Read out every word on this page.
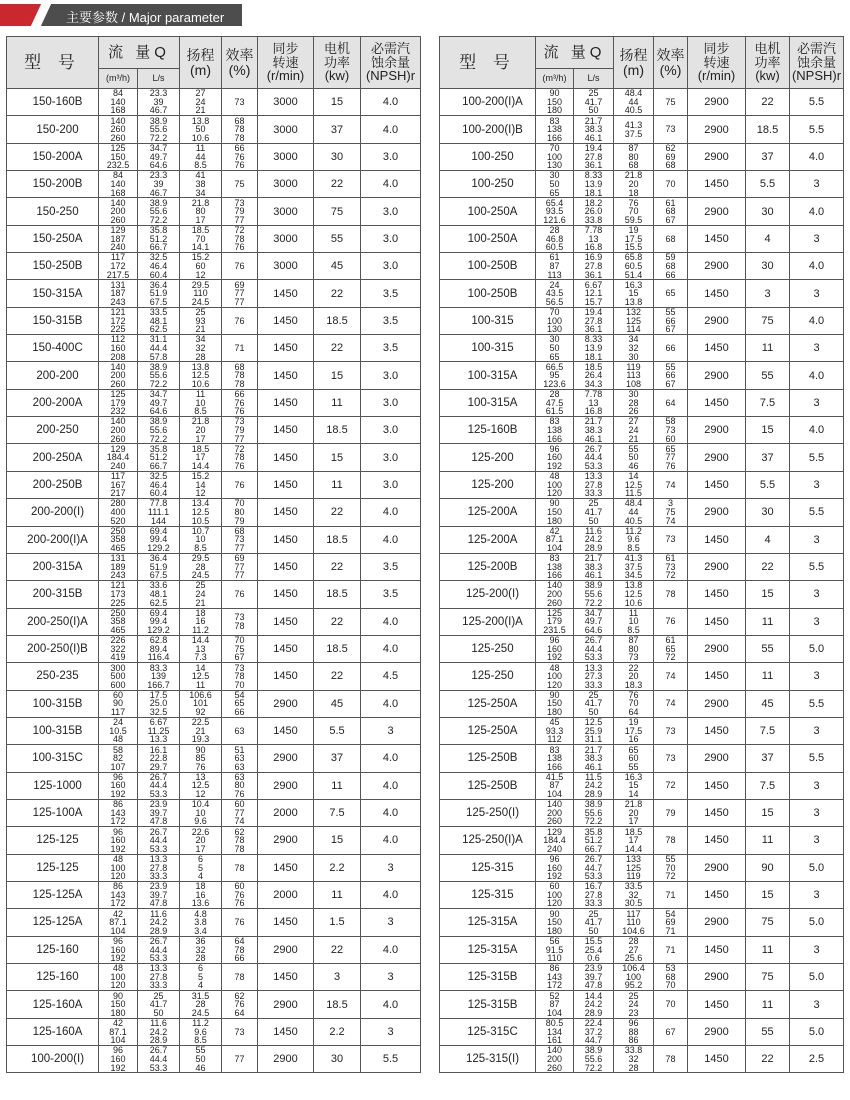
主要参数 / Major parameter
型 号	流 量Q		扬程
(m)	效率
(%)	同步
转速
(r/min)	电机
功率
(kw)	必需汽
蚀余量
(NPSH)r
	(m³/h)	L/s					
150-160B	84
140
168	23.3
39
46.7	27
24
21	73	3000	15	4.0
150-200	140
260
260	38.9
55.6
72.2	13.8
50
10.6	68
78
78	3000	37	4.0
150-200A	125
150
232.5	34.7
49.7
64.6	11
44
8.5	66
76
76	3000	30	3.0
150-200B	84
140
168	23.3
39
46.7	41
38
34	75	3000	22	4.0
150-250	140
200
260	38.9
55.6
72.2	21.8
80
17	73
79
77	3000	75	3.0
150-250A	129
187
240	35.8
51.2
66.7	18.5
70
14.1	72
78
76	3000	55	3.0
150-250B	117
172
217.5	32.5
46.4
60.4	15.2
60
12	76	3000	45	3.0
150-315A	131
187
243	36.4
51.9
67.5	29.5
110
24.5	69
77
77	1450	22	3.5
150-315B	121
172
225	33.5
48.1
62.5	25
93
21	76	1450	18.5	3.5
150-400C	112
160
208	31.1
44.4
57.8	34
32
28	71	1450	22	3.5
200-200	140
200
260	38.9
55.6
72.2	13.8
12.5
10.6	68
78
78	1450	15	3.0
200-200A	125
179
232	34.7
49.7
64.6	11
10
8.5	66
76
76	1450	11	3.0
200-250	140
200
260	38.9
55.6
72.2	21.8
20
17	73
79
77	1450	18.5	3.0
200-250A	129
184.4
240	35.8
51.2
66.7	18.5
17
14.4	72
78
76	1450	15	3.0
200-250B	117
167
217	32.5
46.4
60.4	15.2
14
12	76	1450	11	3.0
200-200(I)	280
400
520	77.8
111.1
144	13.4
12.5
10.5	70
80
79	1450	22	4.0
200-200(I)A	250
358
465	69.4
99.4
129.2	10.7
10
8.5	68
73
77	1450	18.5	4.0
200-315A	131
189
243	36.4
51.9
67.5	29.5
28
24.5	69
77
77	1450	22	3.5
200-315B	121
173
225	33.6
48.1
62.5	25
24
21	76	1450	18.5	3.5
200-250(I)A	250
358
465	69.4
99.4
129.2	18
16
11.2	73
78	1450	22	4.0
200-250(I)B	226
322
419	62.8
89.4
116.4	14.4
13
7.3	70
75
67	1450	18.5	4.0
250-235	300
500
600	83.3
139
166.7	14
12.5
11	73
78
70	1450	22	4.5
100-315B	60
90
117	17.5
25.0
32.5	106.6
101
92	54
65
66	2900	45	4.0
100-315B	24
10.5
48	6.67
11.25
13.3	22.5
21
19.3	63	1450	5.5	3
100-315C	58
82
107	16.1
22.8
29.7	90
85
76	51
63
63	2900	37	4.0
125-1000	96
160
192	26.7
44.4
53.3	13
12.5
12	63
80
76	2900	11	4.0
125-100A	86
143
172	23.9
39.7
47.8	10.4
10
9.6	60
77
74	2000	7.5	4.0
125-125	96
160
192	26.7
44.4
53.3	22.6
20
17	62
78
78	2900	15	4.0
125-125	48
100
120	13.3
27.8
33.3	6
5
4	78	1450	2.2	3
125-125A	86
143
172	23.9
39.7
47.8	18
16
13.6	60
76
76	2000	11	4.0
125-125A	42
87.1
104	11.6
24.2
28.9	4.8
3.8
3.4	76	1450	1.5	3
125-160	96
160
192	26.7
44.4
53.3	36
32
28	64
78
66	2900	22	4.0
125-160	48
100
120	13.3
27.8
33.3	6
5
4	78	1450	3	3
125-160A	90
150
180	25
41.7
50	31.5
28
24.5	62
76
64	2900	18.5	4.0
125-160A	42
87.1
104	11.6
24.2
28.9	11.2
9.6
8.5	73	1450	2.2	3
100-200(I)	96
160
192	26.7
44.4
53.3	55
50
46	77	2900	30	5.5
型 号	流 量Q		扬程
(m)	效率
(%)	同步
转速
(r/min)	电机
功率
(kw)	必需汽
蚀余量
(NPSH)r
	(m³/h)	L/s					
100-200(I)A	90
150
180	25
41.7
50	48.4
44
40.5	75	2900	22	5.5
100-200(I)B	83
138
166	21.7
38.3
46.1	41.3
37.5	73	2900	18.5	5.5
100-250	70
100
130	19.4
27.8
36.1	87
80
68	62
69
68	2900	37	4.0
100-250	30
50
65	8.33
13.9
18.1	21.8
20
18	70	1450	5.5	3
100-250A	65.4
93.5
121.6	18.2
26.0
33.8	76
70
59.5	61
68
67	2900	30	4.0
100-250A	28
46.8
60.5	7.78
13
16.8	19
17.5
15.5	68	1450	4	3
100-250B	61
87
113	16.9
27.8
36.1	65.8
60.5
51.4	59
68
66	2900	30	4.0
100-250B	24
43.5
56.5	6.67
12.1
15.7	16.3
15
13.8	65	1450	3	3
100-315	70
100
130	19.4
27.8
36.1	132
125
114	55
66
67	2900	75	4.0
100-315	30
50
65	8.33
13.9
18.1	34
32
30	66	1450	11	3
100-315A	66.5
95
123.6	18.5
26.4
34.3	119
113
108	55
66
67	2900	55	4.0
100-315A	28
47.5
61.5	7.78
13
16.8	30
28
26	64	1450	7.5	3
125-160B	83
138
166	21.7
38.3
46.1	27
24
21	58
73
60	2900	15	4.0
125-200	96
160
192	26.7
44.4
53.3	55
50
46	65
77
76	2900	37	5.5
125-200	48
100
120	13.3
27.8
33.3	14
12.5
11.5	74	1450	5.5	3
125-200A	90
150
180	25
41.7
50	48.4
44
40.5	3
75
74	2900	30	5.5
125-200A	42
87.1
104	11.6
24.2
28.9	11.2
9.6
8.5	73	1450	4	3
125-200B	83
138
166	21.7
38.3
46.1	41.3
37.5
34.5	61
73
72	2900	22	5.5
125-200(I)	140
200
260	38.9
55.6
72.2	13.8
12.5
10.6	78	1450	15	3
125-200(I)A	125
179
231.5	34.7
49.7
64.6	11
10
8.5	76	1450	11	3
125-250	96
160
192	26.7
44.4
53.3	87
80
73	61
65
72	2900	55	5.0
125-250	48
100
120	13.3
27.3
33.3	22
20
18.3	74	1450	11	3
125-250A	90
150
180	25
41.7
50	76
70
64	74	2900	45	5.5
125-250A	45
93.3
112	12.5
25.9
31.1	19
17.5
16	73	1450	7.5	3
125-250B	83
138
166	21.7
38.3
46.1	65
60
55	73	2900	37	5.5
125-250B	41.5
87
104	11.5
24.2
28.9	16.3
15
14	72	1450	7.5	3
125-250(I)	140
200
260	38.9
55.6
72.2	21.8
20
17	79	1450	15	3
125-250(I)A	129
184.4
240	35.8
51.2
66.7	18.5
17
14.4	78	1450	11	3
125-315	96
160
192	26.7
44.7
53.3	133
125
119	55
70
72	2900	90	5.0
125-315	60
100
120	16.7
27.8
33.3	33.5
32
30.5	71	1450	15	3
125-315A	90
150
180	25
41.7
50	117
110
104.6	54
69
71	2900	75	5.0
125-315A	56
91.5
110	15.5
25.4
0.6	28
27
25.6	71	1450	11	3
125-315B	86
143
172	23.9
39.7
47.8	106.4
100
95.2	53
68
70	2900	75	5.0
125-315B	52
87
104	14.4
24.2
28.9	25
24
23	70	1450	11	3
125-315C	80.5
134
161	22.4
37.2
44.7	96
88
86	67	2900	55	5.0
125-315(I)	140
200
260	38.9
55.6
72.2	33.8
32
28	78	1450	22	2.5
